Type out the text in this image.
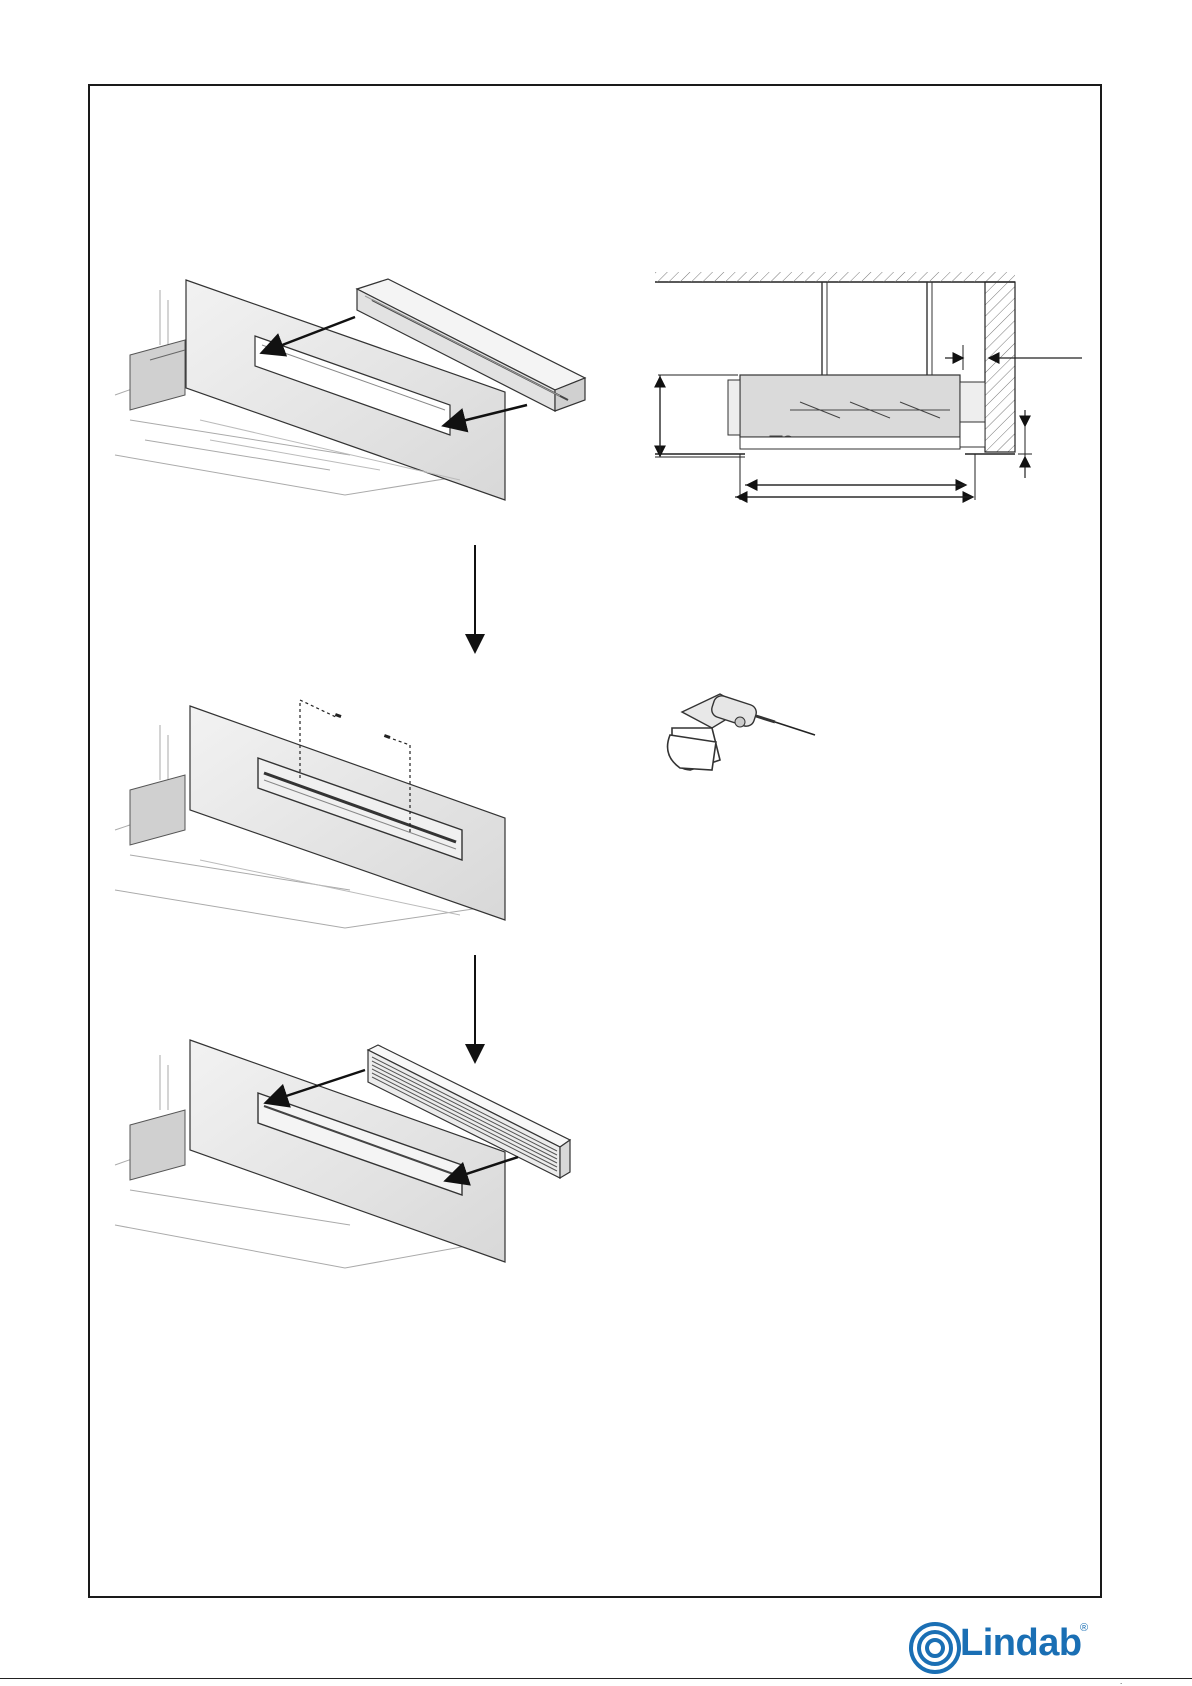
Lindab
®
.
